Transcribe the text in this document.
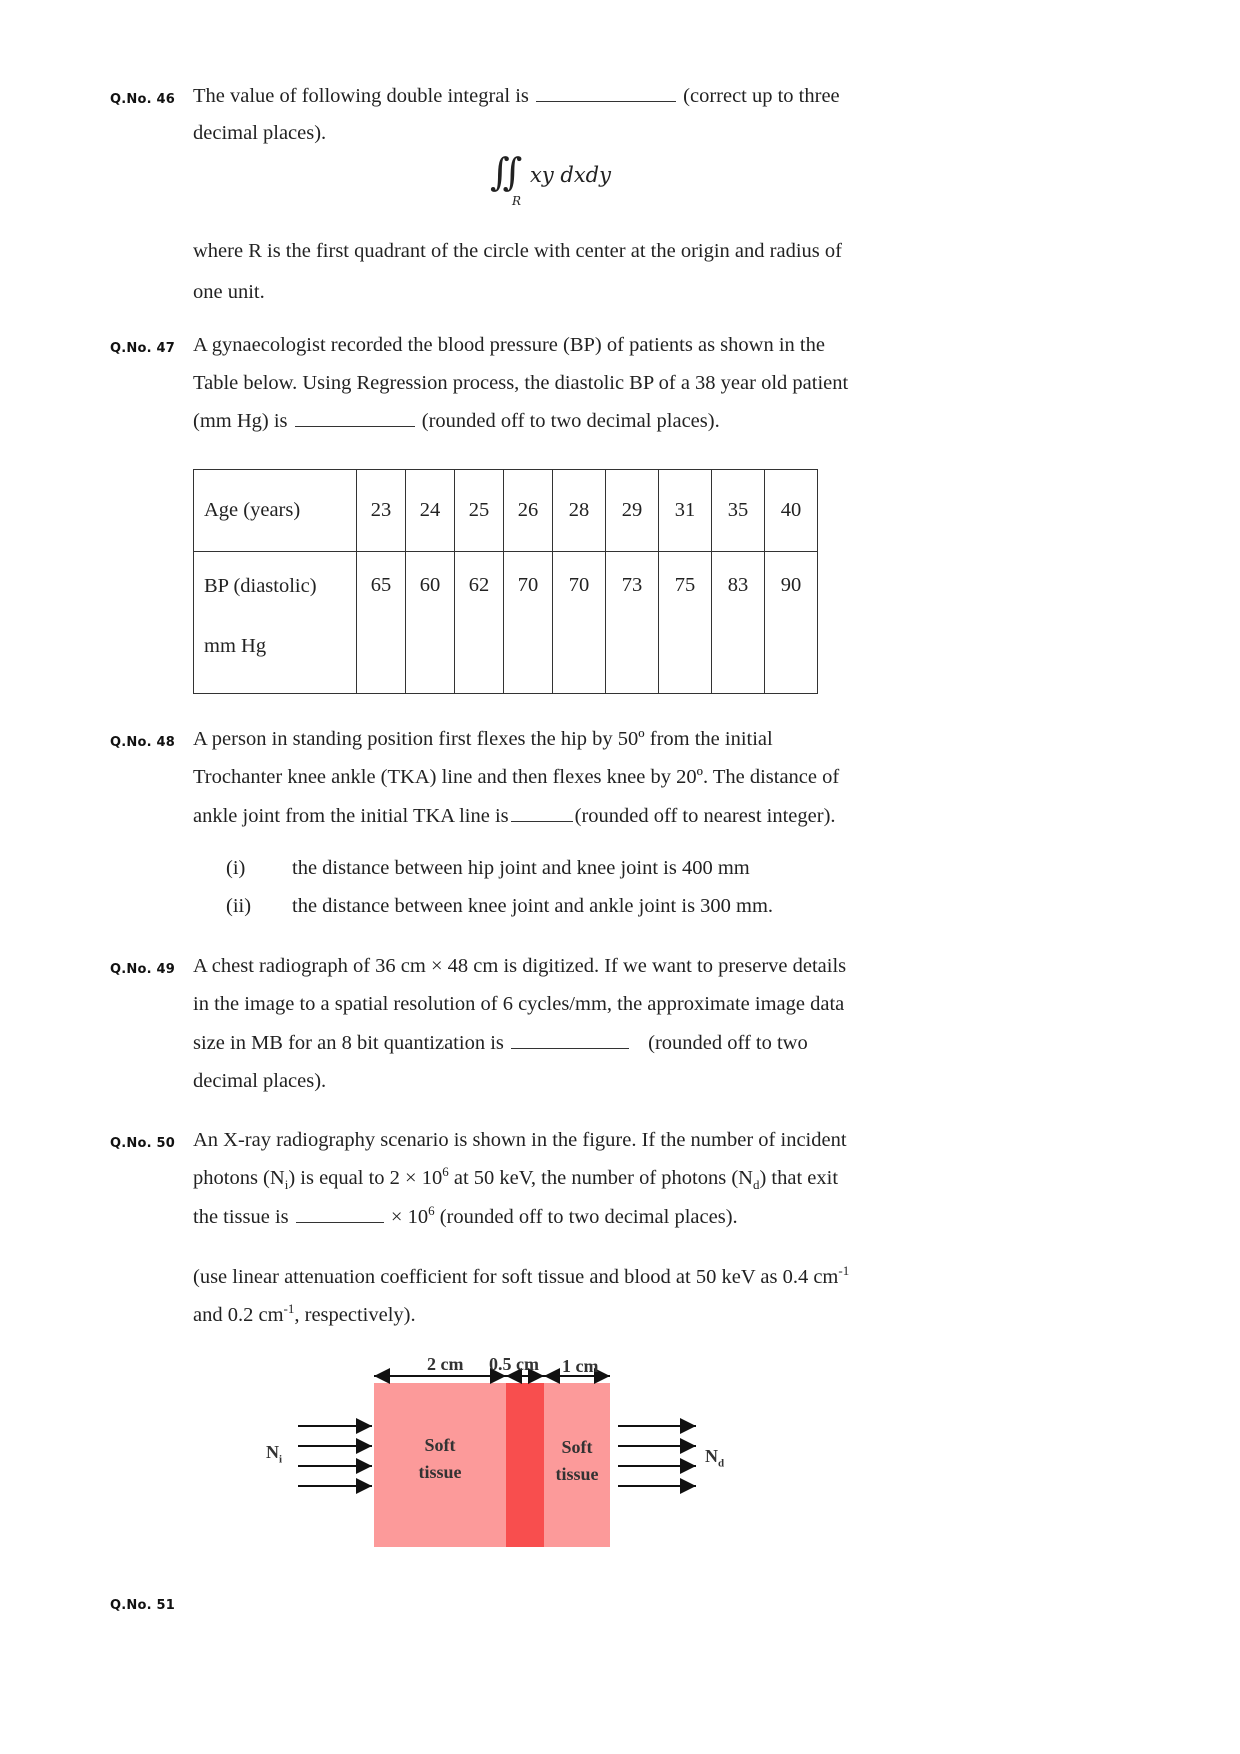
Q.No. 46 The value of following double integral is	(correct up to three
decimal places).
∬
R
xy dxdy
where R is the first quadrant of the circle with center at the origin and radius of
one unit.
Q.No. 47 A gynaecologist recorded the blood pressure (BP) of patients as shown in the
Table below. Using Regression process, the diastolic BP of a 38 year old patient
(mm Hg) is	(rounded off to two decimal places).
Age (years)	23	24	25	26	28	29	31	35	40

BP (diastolic)
mm Hg	65	60	62	70	70	73	75	83	90
Q.No. 48 A person in standing position first flexes the hip by 50º from the initial
Trochanter knee ankle (TKA) line and then flexes knee by 20º. The distance of
ankle joint from the initial TKA line is	(rounded off to nearest integer).
(i) the distance between hip joint and knee joint is 400 mm
(ii) the distance between knee joint and ankle joint is 300 mm.
Q.No. 49 A chest radiograph of 36 cm × 48 cm is digitized. If we want to preserve details
in the image to a spatial resolution of 6 cycles/mm, the approximate image data
size in MB for an 8 bit quantization is	(rounded off to two
decimal places).
Q.No. 50 An X-ray radiography scenario is shown in the figure. If the number of incident
photons $(N_i)$ is equal to $2 \times 10^6$ at 50 keV, the number of photons $(N_d)$ that exit
the tissue is	× $10^6$ (rounded off to two decimal places).
(use linear attenuation coefficient for soft tissue and blood at 50 keV as 0.4 $cm^{-1}$
and 0.2 $cm^{-1}$, respectively).
2 cm 0.5 cm 1 cm
$N_i$	$N_d$
Soft
tissue
Soft
tissue
Q.No. 51
